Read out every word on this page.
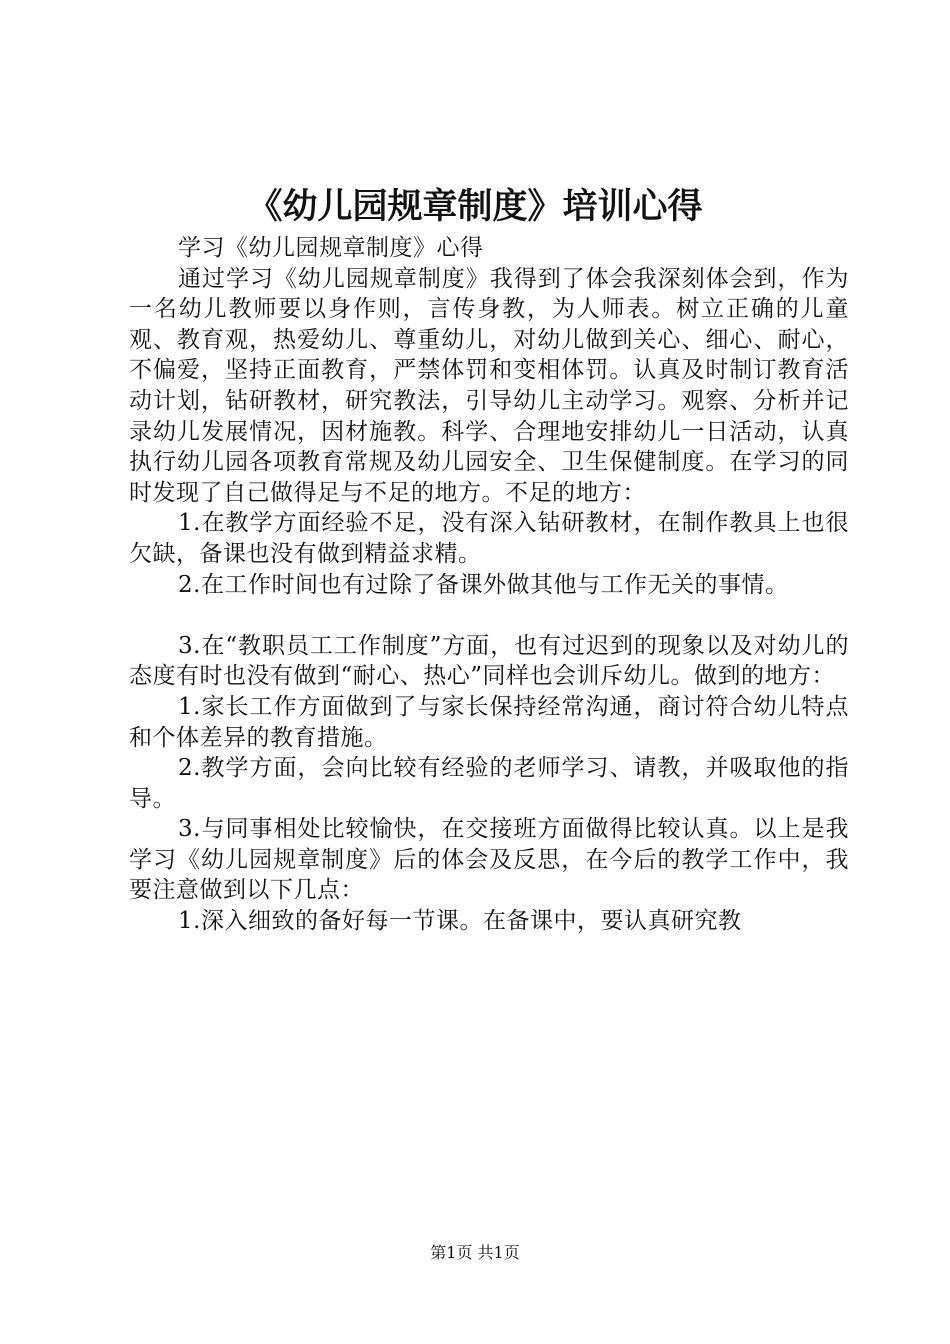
《幼儿园规章制度》培训心得

学习《幼儿园规章制度》心得

通过学习《幼儿园规章制度》我得到了体会我深刻体会到，作为一名幼儿教师要以身作则，言传身教，为人师表。树立正确的儿童观、教育观，热爱幼儿、尊重幼儿，对幼儿做到关心、细心、耐心，不偏爱，坚持正面教育，严禁体罚和变相体罚。认真及时制订教育活动计划，钻研教材，研究教法，引导幼儿主动学习。观察、分析并记录幼儿发展情况，因材施教。科学、合理地安排幼儿一日活动，认真执行幼儿园各项教育常规及幼儿园安全、卫生保健制度。在学习的同时发现了自己做得足与不足的地方。不足的地方：

1.在教学方面经验不足，没有深入钻研教材，在制作教具上也很欠缺，备课也没有做到精益求精。

2.在工作时间也有过除了备课外做其他与工作无关的事情。

3.在“教职员工工作制度”方面，也有过迟到的现象以及对幼儿的态度有时也没有做到“耐心、热心”同样也会训斥幼儿。做到的地方：

1.家长工作方面做到了与家长保持经常沟通，商讨符合幼儿特点和个体差异的教育措施。

2.教学方面，会向比较有经验的老师学习、请教，并吸取他的指导。

3.与同事相处比较愉快，在交接班方面做得比较认真。以上是我学习《幼儿园规章制度》后的体会及反思，在今后的教学工作中，我要注意做到以下几点：

1.深入细致的备好每一节课。在备课中，要认真研究教

第1页 共1页
